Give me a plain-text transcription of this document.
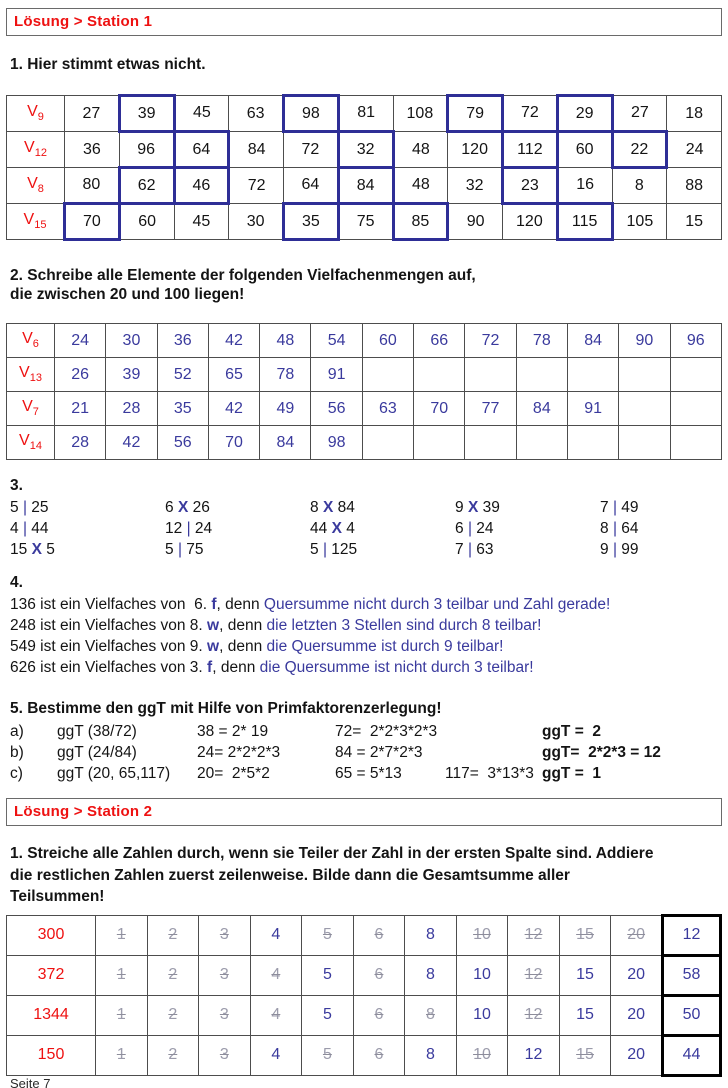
Lösung > Station 1
1. Hier stimmt etwas nicht.
$V_9$	27	39	45	63	98	81	108	79	72	29	27	18
$V_{12}$	36	96	64	84	72	32	48	120	112	60	22	24
$V_8$	80	62	46	72	64	84	48	32	23	16	8	88
$V_{15}$	70	60	45	30	35	75	85	90	120	115	105	15
2. Schreibe alle Elemente der folgenden Vielfachenmengen auf,
die zwischen 20 und 100 liegen!
$V_6$	24	30	36	42	48	54	60	66	72	78	84	90	96
$V_{13}$	26	39	52	65	78	91							
$V_7$	21	28	35	42	49	56	63	70	77	84	91		
$V_{14}$	28	42	56	70	84	98							
3.
5 | 25	6 X 26	8 X 84	9 X 39	7 | 49
4 | 44	12 | 24	44 X 4	6 | 24	8 | 64
15 X 5	5 | 75	5 | 125	7 | 63	9 | 99
4.
136 ist ein Vielfaches von  6. f, denn Quersumme nicht durch 3 teilbar und Zahl gerade!
248 ist ein Vielfaches von 8. w, denn die letzten 3 Stellen sind durch 8 teilbar!
549 ist ein Vielfaches von 9. w, denn die Quersumme ist durch 9 teilbar!
626 ist ein Vielfaches von 3. f, denn die Quersumme ist nicht durch 3 teilbar!
5. Bestimme den ggT mit Hilfe von Primfaktorenzerlegung!
a)	ggT (38/72)	38 = 2* 19	72=  2*2*3*2*3	ggT =  2
b)	ggT (24/84)	24= 2*2*2*3	84 = 2*7*2*3	ggT=  2*2*3 = 12
c)	ggT (20, 65,117)	20=  2*5*2	65 = 5*13	117=  3*13*3 ggT =  1
Lösung > Station 2
1. Streiche alle Zahlen durch, wenn sie Teiler der Zahl in der ersten Spalte sind. Addiere
die restlichen Zahlen zuerst zeilenweise. Bilde dann die Gesamtsumme aller
Teilsummen!
300	1	2	3	4	5	6	8	10	12	15	20	12
372	1	2	3	4	5	6	8	10	12	15	20	58
1344	1	2	3	4	5	6	8	10	12	15	20	50
150	1	2	3	4	5	6	8	10	12	15	20	44
Seite 7
